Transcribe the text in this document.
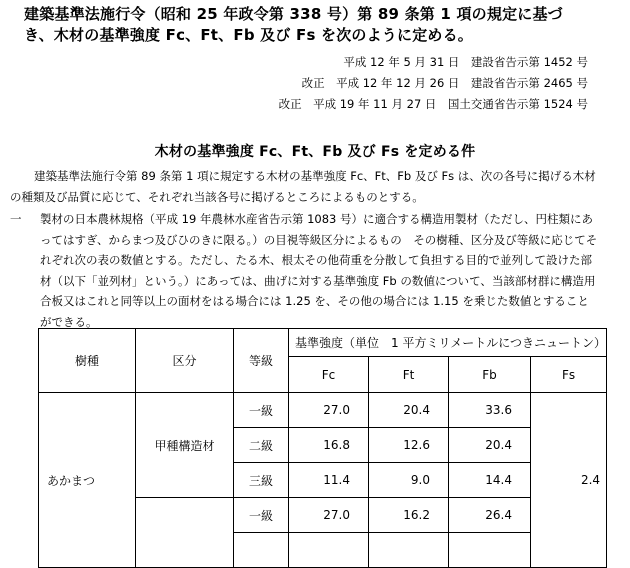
建築基準法施行令（昭和 25 年政令第 338 号）第 89 条第 1 項の規定に基づき、木材の基準強度 Fc、Ft、Fb 及び Fs を次のように定める。

平成 12 年 5 月 31 日　建設省告示第 1452 号
改正　平成 12 年 12 月 26 日　建設省告示第 2465 号
改正　平成 19 年 11 月 27 日　国土交通省告示第 1524 号
木材の基準強度 Fc、Ft、Fb 及び Fs を定める件

建築基準法施行令第 89 条第 1 項に規定する木材の基準強度 Fc、Ft、Fb 及び Fs は、次の各号に掲げる木材の種類及び品質に応じて、それぞれ当該各号に掲げるところによるものとする。

一	製材の日本農林規格（平成 19 年農林水産省告示第 1083 号）に適合する構造用製材（ただし、円柱類にあってはすぎ、からまつ及びひのきに限る。）の目視等級区分によるもの　その樹種、区分及び等級に応じてそれぞれ次の表の数値とする。ただし、たる木、根太その他荷重を分散して負担する目的で並列して設けた部材（以下「並列材」という。）にあっては、曲げに対する基準強度 Fb の数値について、当該部材群に構造用合板又はこれと同等以上の面材をはる場合には 1.25 を、その他の場合には 1.15 を乗じた数値とすることができる。
樹種	区分	等級	基準強度（単位　1 平方ミリメートルにつきニュートン）			
			Fc	Ft	Fb	Fs
あかまつ	甲種構造材	一級	27.0	20.4	33.6	2.4
		二級	16.8	12.6	20.4	
		三級	11.4	9.0	14.4	
		一級	27.0	16.2	26.4	
